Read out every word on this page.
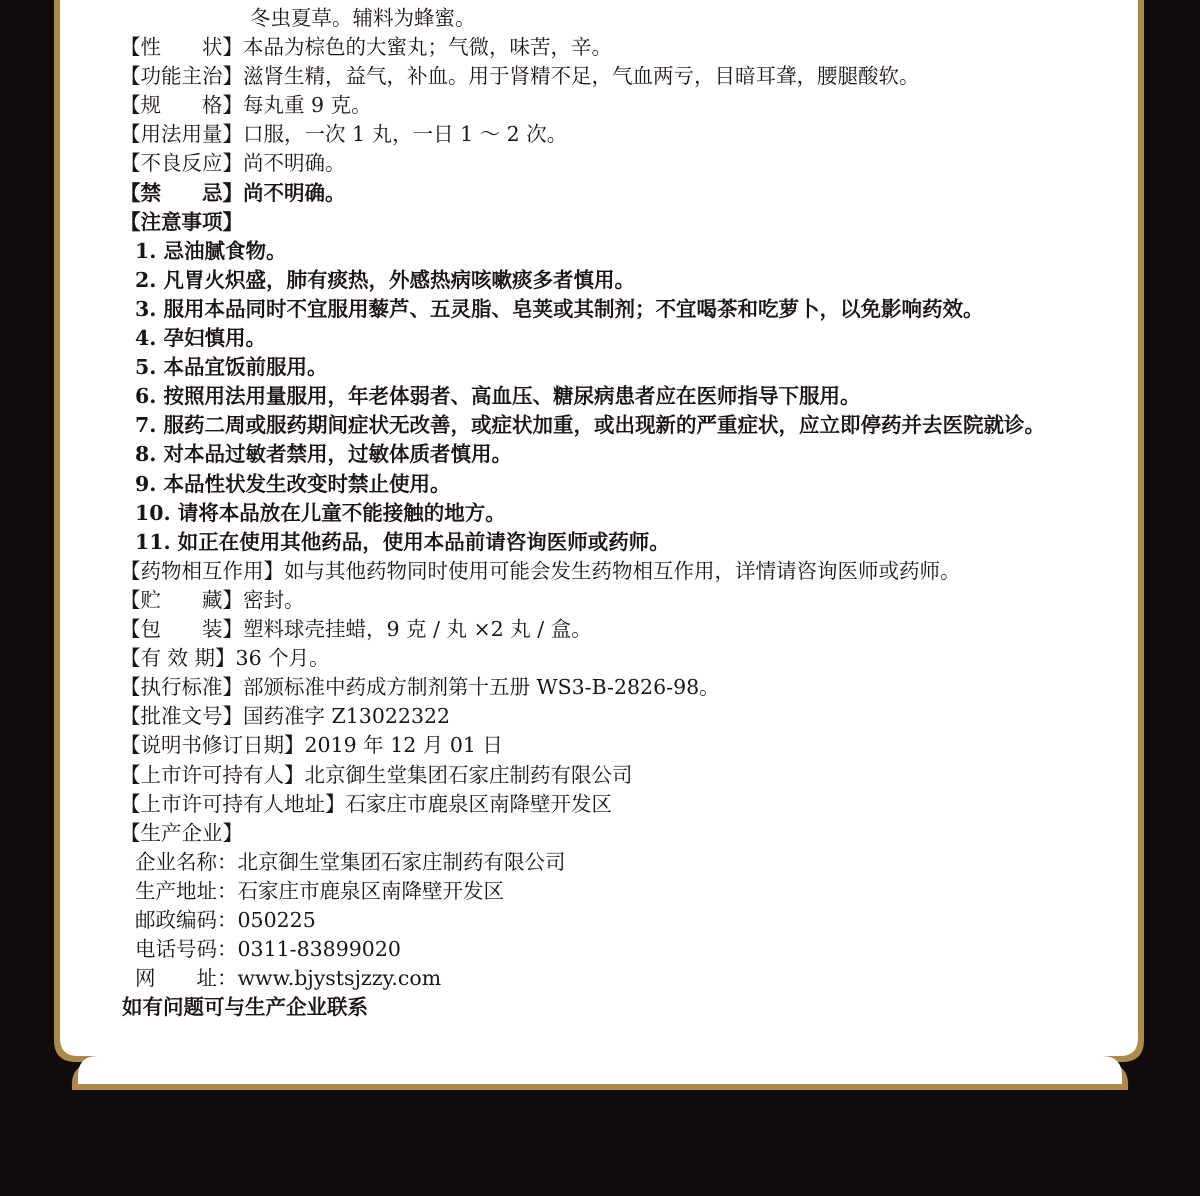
冬虫夏草。辅料为蜂蜜。
【性　　状】本品为棕色的大蜜丸；气微，味苦，辛。
【功能主治】滋肾生精，益气，补血。用于肾精不足，气血两亏，目暗耳聋，腰腿酸软。
【规　　格】每丸重 9 克。
【用法用量】口服，一次 1 丸，一日 1 ～ 2 次。
【不良反应】尚不明确。
【禁　　忌】尚不明确。
【注意事项】
1. 忌油腻食物。
2. 凡胃火炽盛，肺有痰热，外感热病咳嗽痰多者慎用。
3. 服用本品同时不宜服用藜芦、五灵脂、皂荚或其制剂；不宜喝茶和吃萝卜，以免影响药效。
4. 孕妇慎用。
5. 本品宜饭前服用。
6. 按照用法用量服用，年老体弱者、高血压、糖尿病患者应在医师指导下服用。
7. 服药二周或服药期间症状无改善，或症状加重，或出现新的严重症状，应立即停药并去医院就诊。
8. 对本品过敏者禁用，过敏体质者慎用。
9. 本品性状发生改变时禁止使用。
10. 请将本品放在儿童不能接触的地方。
11. 如正在使用其他药品，使用本品前请咨询医师或药师。
【药物相互作用】如与其他药物同时使用可能会发生药物相互作用，详情请咨询医师或药师。
【贮　　藏】密封。
【包　　装】塑料球壳挂蜡，9 克 / 丸 ×2 丸 / 盒。
【有 效 期】36 个月。
【执行标准】部颁标准中药成方制剂第十五册 WS3-B-2826-98。
【批准文号】国药准字 Z13022322
【说明书修订日期】2019 年 12 月 01 日
【上市许可持有人】北京御生堂集团石家庄制药有限公司
【上市许可持有人地址】石家庄市鹿泉区南降壁开发区
【生产企业】
企业名称：北京御生堂集团石家庄制药有限公司
生产地址：石家庄市鹿泉区南降壁开发区
邮政编码：050225
电话号码：0311-83899020
网　　址：www.bjystsjzzy.com
如有问题可与生产企业联系
